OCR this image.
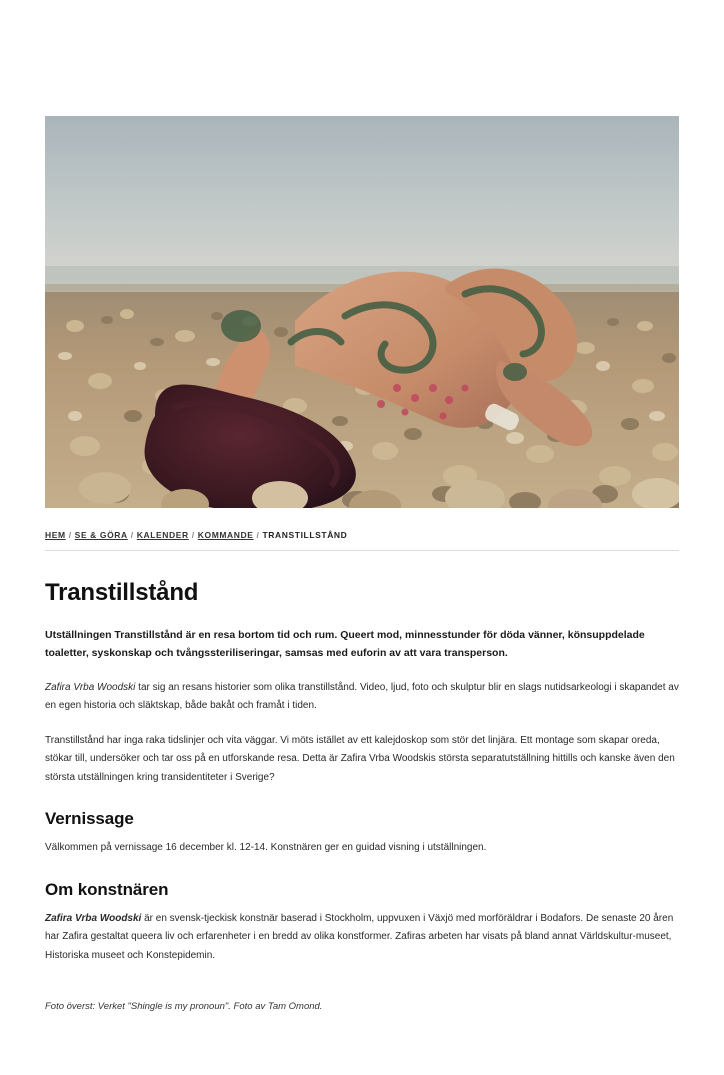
HEM / SE & GÖRA / KALENDER / KOMMANDE / TRANSTILLSTÅND
Transtillstånd

Utställningen Transtillstånd är en resa bortom tid och rum. Queert mod, minnesstunder för döda vänner, könsuppdelade toaletter, syskonskap och tvångssteriliseringar, samsas med euforin av att vara transperson.

Zafira Vrba Woodski tar sig an resans historier som olika transtillstånd. Video, ljud, foto och skulptur blir en slags nutidsarkeologi i skapandet av en egen historia och släktskap, både bakåt och framåt i tiden.

Transtillstånd har inga raka tidslinjer och vita väggar. Vi möts istället av ett kalejdoskop som stör det linjära. Ett montage som skapar oreda, stökar till, undersöker och tar oss på en utforskande resa. Detta är Zafira Vrba Woodskis största separatutställning hittills och kanske även den största utställningen kring transidentiteter i Sverige?

Vernissage

Välkommen på vernissage 16 december kl. 12-14. Konstnären ger en guidad visning i utställningen.

Om konstnären

Zafira Vrba Woodski är en svensk-tjeckisk konstnär baserad i Stockholm, uppvuxen i Växjö med morföräldrar i Bodafors. De senaste 20 åren har Zafira gestaltat queera liv och erfarenheter i en bredd av olika konstformer. Zafiras arbeten har visats på bland annat Världskultur-museet, Historiska museet och Konstepidemin.

Foto överst: Verket "Shingle is my pronoun". Foto av Tam Omond.
